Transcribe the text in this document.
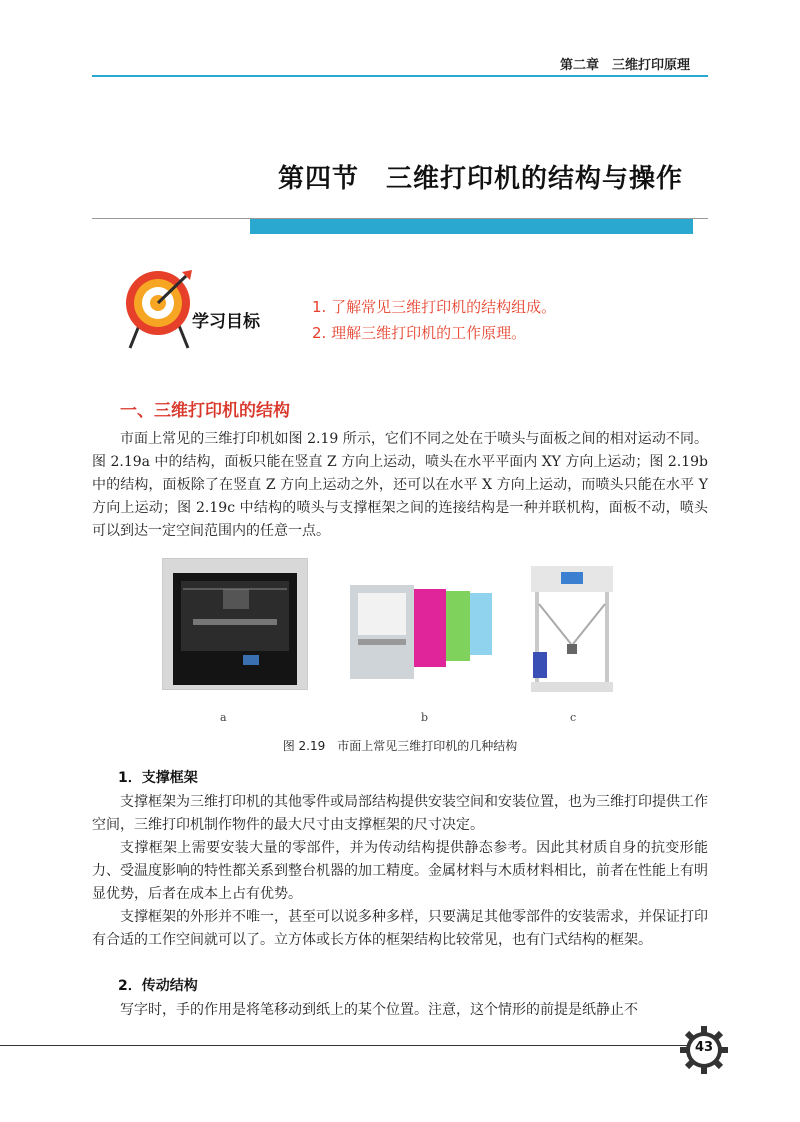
第二章　三维打印原理
第四节　三维打印机的结构与操作
学习目标
1. 了解常见三维打印机的结构组成。
2. 理解三维打印机的工作原理。
一、三维打印机的结构

市面上常见的三维打印机如图 2.19 所示，它们不同之处在于喷头与面板之间的相对运动不同。图 2.19a 中的结构，面板只能在竖直 Z 方向上运动，喷头在水平平面内 XY 方向上运动；图 2.19b 中的结构，面板除了在竖直 Z 方向上运动之外，还可以在水平 X 方向上运动，而喷头只能在水平 Y 方向上运动；图 2.19c 中结构的喷头与支撑框架之间的连接结构是一种并联机构，面板不动，喷头可以到达一定空间范围内的任意一点。

a	b	c
图 2.19　市面上常见三维打印机的几种结构
1．支撑框架

支撑框架为三维打印机的其他零件或局部结构提供安装空间和安装位置，也为三维打印提供工作空间，三维打印机制作物件的最大尺寸由支撑框架的尺寸决定。

支撑框架上需要安装大量的零部件，并为传动结构提供静态参考。因此其材质自身的抗变形能力、受温度影响的特性都关系到整台机器的加工精度。金属材料与木质材料相比，前者在性能上有明显优势，后者在成本上占有优势。

支撑框架的外形并不唯一，甚至可以说多种多样，只要满足其他零部件的安装需求，并保证打印有合适的工作空间就可以了。立方体或长方体的框架结构比较常见，也有门式结构的框架。

2．传动结构

写字时，手的作用是将笔移动到纸上的某个位置。注意，这个情形的前提是纸静止不

43
